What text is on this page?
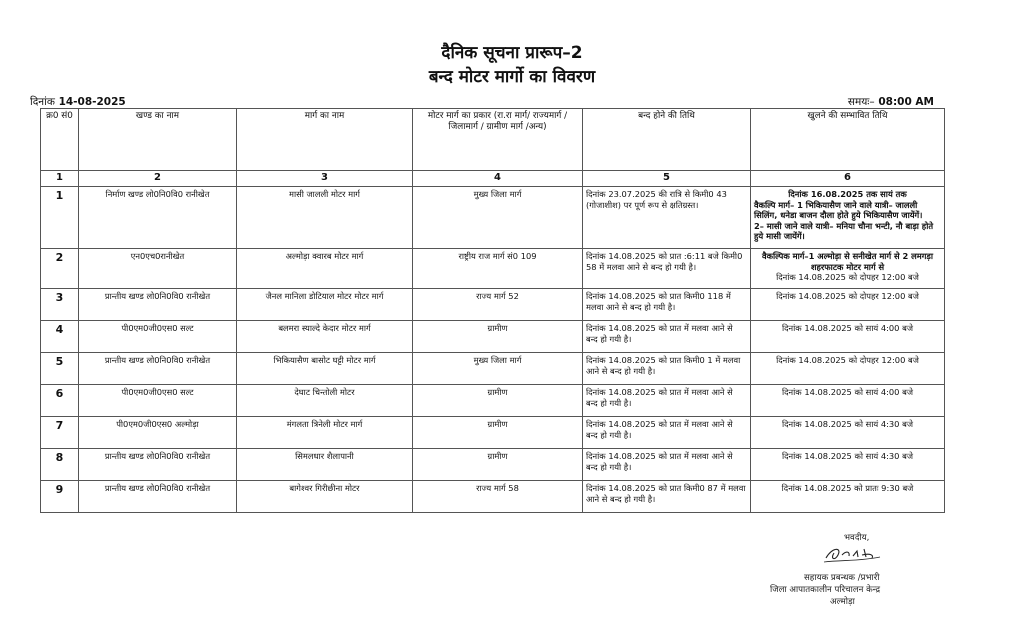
दैनिक सूचना प्रारूप–2
बन्द मोटर मार्गो का विवरण
दिनांक 14-08-2025	समयः– 08:00 AM
क्र0 सं0	खण्ड का नाम	मार्ग का नाम	मोटर मार्ग का प्रकार (रा.रा मार्ग/ राज्यमार्ग /जिलामार्ग / ग्रामीण मार्ग /अन्य)	बन्द होने की तिथि	खुलने की सम्भावित तिथि
1	2	3	4	5	6
1	निर्माण खण्ड लो0नि0वि0 रानीखेत	मासी जालली मोटर मार्ग	मुख्य जिला मार्ग	दिनांक 23.07.2025 की रात्रि से किमी0 43 (गोजाशीश) पर पूर्ण रूप से क्षतिग्रस्त।	दिनांक 16.08.2025 तक सायं तक
वैकल्पि मार्ग– 1 भिकियासैण जाने वाले यात्री– जालली सिलिंग, धनेडा बाजन दौला होते हुये भिकियासैण जायेंगें।
2– मासी जाने वाले यात्री– मनिया चौना भन्टी, नौ बाड़ा होते हुये मासी जायेंगें।

2	एन0एच0रानीखेत	अल्मोड़ा क्वारब मोटर मार्ग	राष्ट्रीय राज मार्ग सं0 109	दिनांक 14.08.2025 को प्रात :6:11 बजे किमी0 58 में मलवा आने से बन्द हो गयी है।	वैकल्पिक मार्ग–1 अल्मोड़ा से सनीखेत मार्ग से 2 लमगड़ा शहरफाटक मोटर मार्ग से
दिनांक 14.08.2025 को दोपहर 12:00 बजे

3	प्रान्तीय खण्ड लो0नि0वि0 रानीखेत	जैनल मानिला डोटियाल मोटर मोटर मार्ग	राज्य मार्ग 52	दिनांक 14.08.2025 को प्रात किमी0 118 में मलवा आने से बन्द हो गयी है।	दिनांक 14.08.2025 को दोपहर 12:00 बजे
4	पी0एम0जी0एस0 सल्ट	बलमरा स्याल्दे केदार मोटर मार्ग	ग्रामीण	दिनांक 14.08.2025 को प्रात में मलवा आने से बन्द हो गयी है।	दिनांक 14.08.2025 को सायं 4:00 बजे
5	प्रान्तीय खण्ड लो0नि0वि0 रानीखेत	भिकियासैण बासोट घट्टी मोटर मार्ग	मुख्य जिला मार्ग	दिनांक 14.08.2025 को प्रात किमी0 1 में मलवा आने से बन्द हो गयी है।	दिनांक 14.08.2025 को दोपहर 12:00 बजे
6	पी0एम0जी0एस0 सल्ट	देघाट चिन्तोली मोटर	ग्रामीण	दिनांक 14.08.2025 को प्रात में मलवा आने से बन्द हो गयी है।	दिनांक 14.08.2025 को सायं 4:00 बजे
7	पी0एम0जी0एस0 अल्मोड़ा	मंगलता त्रिनेली मोटर मार्ग	ग्रामीण	दिनांक 14.08.2025 को प्रात में मलवा आने से बन्द हो गयी है।	दिनांक 14.08.2025 को सायं 4:30 बजे
8	प्रान्तीय खण्ड लो0नि0वि0 रानीखेत	सिमलधार शैलापानी	ग्रामीण	दिनांक 14.08.2025 को प्रात में मलवा आने से बन्द हो गयी है।	दिनांक 14.08.2025 को सायं 4:30 बजे
9	प्रान्तीय खण्ड लो0नि0वि0 रानीखेत	बागेश्वर गिरीछीना मोटर	राज्य मार्ग 58	दिनांक 14.08.2025 को प्रात किमी0 87 में मलवा आने से बन्द हो गयी है।	दिनांक 14.08.2025 को प्रातः 9:30 बजे
भवदीय,
सहायक प्रबन्धक /प्रभारी
जिला आपातकालीन परिचालन केन्द्र
अल्मोड़ा
